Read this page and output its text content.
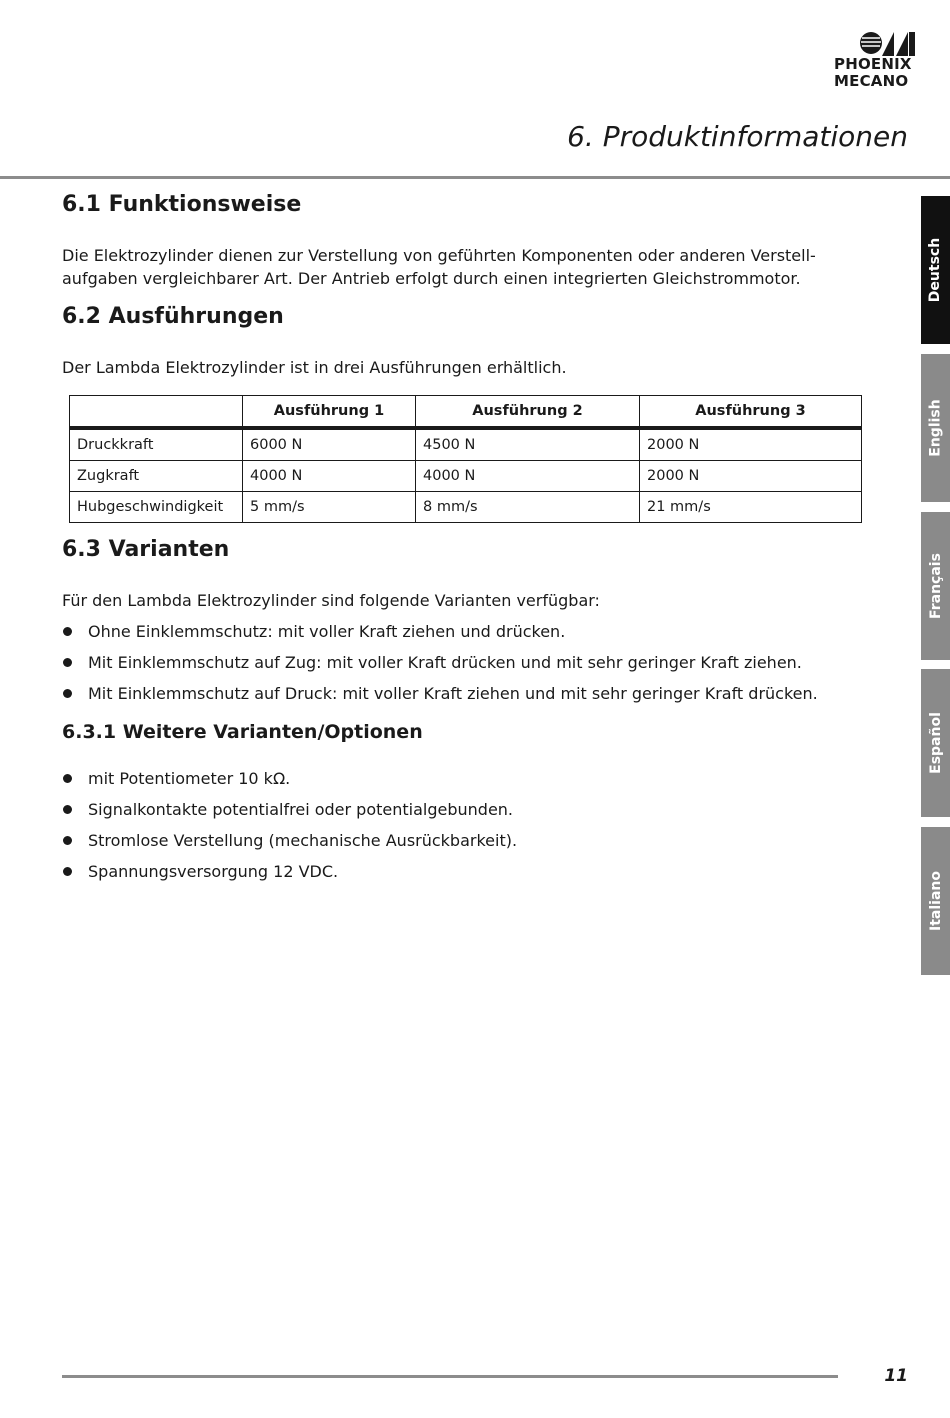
PHOENIX
MECANO
6. Produktinformationen
6.1 Funktionsweise

Die Elektrozylinder dienen zur Verstellung von geführten Komponenten oder anderen Verstell-aufgaben vergleichbarer Art. Der Antrieb erfolgt durch einen integrierten Gleichstrommotor.

6.2 Ausführungen

Der Lambda Elektrozylinder ist in drei Ausführungen erhältlich.

	Ausführung 1	Ausführung 2	Ausführung 3
Druckkraft	6000 N	4500 N	2000 N
Zugkraft	4000 N	4000 N	2000 N
Hubgeschwindigkeit	5 mm/s	8 mm/s	21 mm/s
6.3 Varianten

Für den Lambda Elektrozylinder sind folgende Varianten verfügbar:

Ohne Einklemmschutz: mit voller Kraft ziehen und drücken.
Mit Einklemmschutz auf Zug: mit voller Kraft drücken und mit sehr geringer Kraft ziehen.
Mit Einklemmschutz auf Druck: mit voller Kraft ziehen und mit sehr geringer Kraft drücken.
6.3.1 Weitere Varianten/Optionen
mit Potentiometer 10 kΩ.
Signalkontakte potentialfrei oder potentialgebunden.
Stromlose Verstellung (mechanische Ausrückbarkeit).
Spannungsversorgung 12 VDC.
Deutsch
English
Français
Español
Italiano
11
